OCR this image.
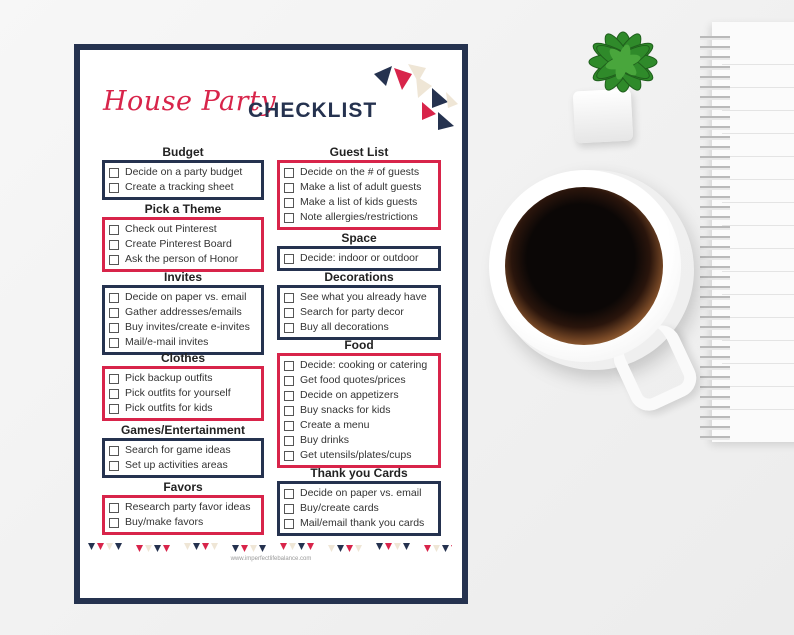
House Party
CHECKLIST
Budget
Decide on a party budget
Create a tracking sheet
Pick a Theme
Check out Pinterest
Create Pinterest Board
Ask the person of Honor
Invites
Decide on paper vs. email
Gather addresses/emails
Buy invites/create e-invites
Mail/e-mail invites
Clothes
Pick backup outfits
Pick outfits for yourself
Pick outfits for kids
Games/Entertainment
Search for game ideas
Set up activities areas
Favors
Research party favor ideas
Buy/make favors
Guest List
Decide on the # of guests
Make a list of adult guests
Make a list of kids guests
Note allergies/restrictions
Space
Decide: indoor or outdoor
Decorations
See what you already have
Search for party decor
Buy all decorations
Food
Decide: cooking or catering
Get food quotes/prices
Decide on appetizers
Buy snacks for kids
Create a menu
Buy drinks
Get utensils/plates/cups
Thank you Cards
Decide on paper vs. email
Buy/create cards
Mail/email thank you cards
www.imperfectlifebalance.com
